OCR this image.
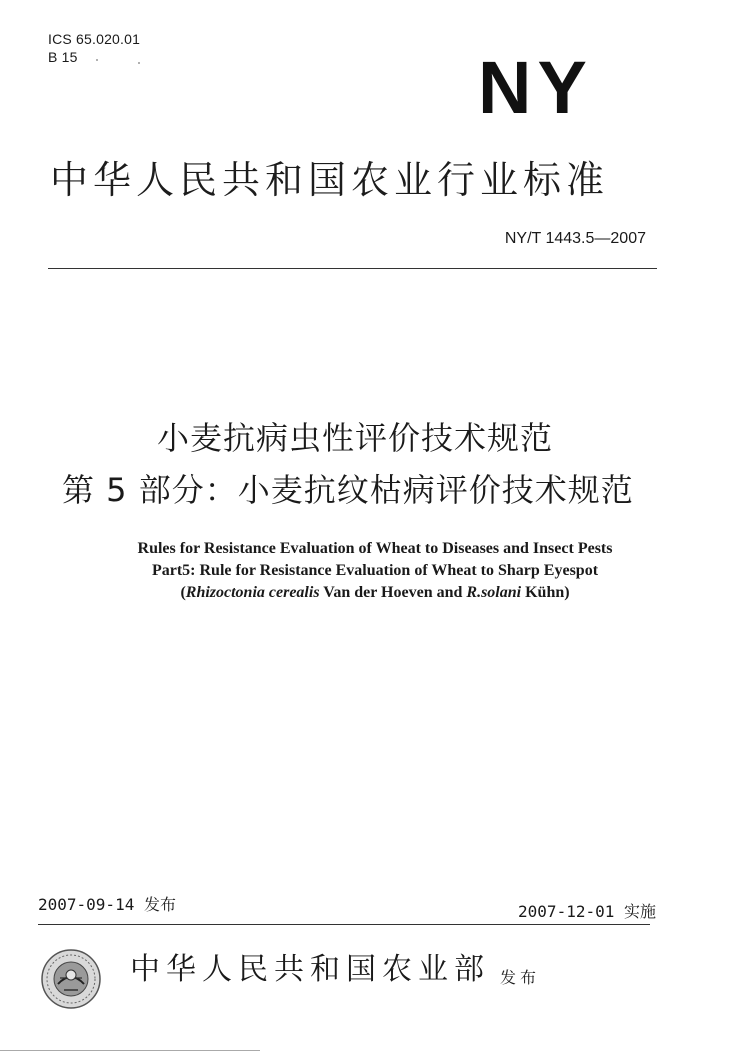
ICS 65.020.01
B 15	NY
中华人民共和国农业行业标准
NY/T 1443.5—2007
小麦抗病虫性评价技术规范
第 5 部分：小麦抗纹枯病评价技术规范
Rules for Resistance Evaluation of Wheat to Diseases and Insect Pests
Part5: Rule for Resistance Evaluation of Wheat to Sharp Eyespot
(Rhizoctonia cerealis Van der Hoeven and R.solani Kühn)
2007-09-14 发布	2007-12-01 实施
中华人民共和国农业部 发布
